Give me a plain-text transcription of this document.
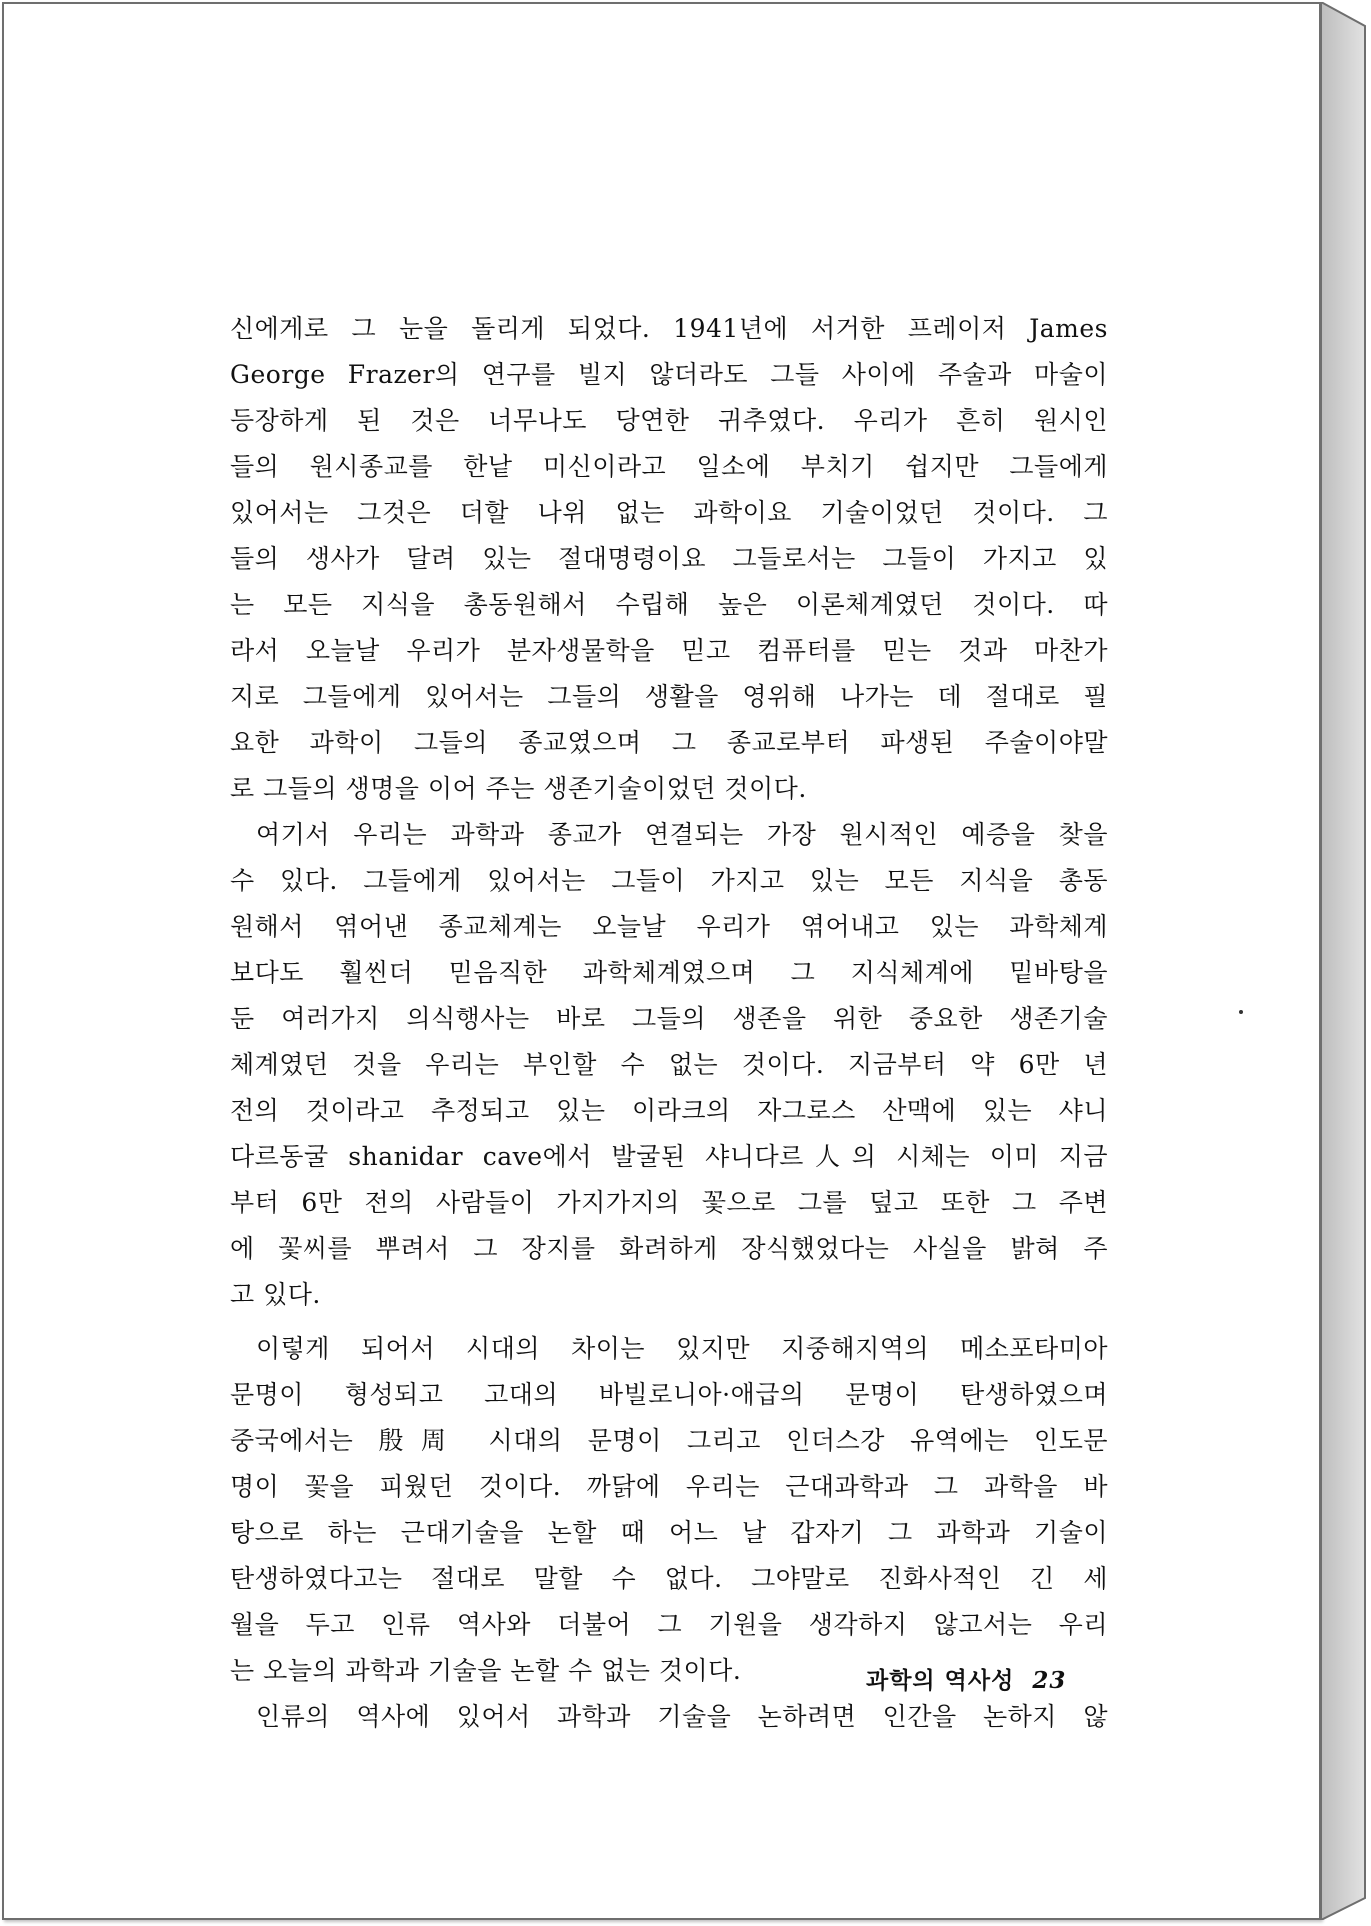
신에게로 그 눈을 돌리게 되었다. 1941년에 서거한 프레이저 James
George Frazer의 연구를 빌지 않더라도 그들 사이에 주술과 마술이
등장하게 된 것은 너무나도 당연한 귀추였다. 우리가 흔히 원시인
들의 원시종교를 한낱 미신이라고 일소에 부치기 쉽지만 그들에게
있어서는 그것은 더할 나위 없는 과학이요 기술이었던 것이다. 그
들의 생사가 달려 있는 절대명령이요 그들로서는 그들이 가지고 있
는 모든 지식을 총동원해서 수립해 높은 이론체계였던 것이다. 따
라서 오늘날 우리가 분자생물학을 믿고 컴퓨터를 믿는 것과 마찬가
지로 그들에게 있어서는 그들의 생활을 영위해 나가는 데 절대로 필
요한 과학이 그들의 종교였으며 그 종교로부터 파생된 주술이야말
로 그들의 생명을 이어 주는 생존기술이었던 것이다.
여기서 우리는 과학과 종교가 연결되는 가장 원시적인 예증을 찾을
수 있다. 그들에게 있어서는 그들이 가지고 있는 모든 지식을 총동
원해서 엮어낸 종교체계는 오늘날 우리가 엮어내고 있는 과학체계
보다도 훨씬더 믿음직한 과학체계였으며 그 지식체계에 밑바탕을
둔 여러가지 의식행사는 바로 그들의 생존을 위한 중요한 생존기술
체계였던 것을 우리는 부인할 수 없는 것이다. 지금부터 약 6만 년
전의 것이라고 추정되고 있는 이라크의 자그로스 산맥에 있는 샤니
다르동굴 shanidar cave에서 발굴된 샤니다르人의 시체는 이미 지금
부터 6만 전의 사람들이 가지가지의 꽃으로 그를 덮고 또한 그 주변
에 꽃씨를 뿌려서 그 장지를 화려하게 장식했었다는 사실을 밝혀 주
고 있다.
이렇게 되어서 시대의 차이는 있지만 지중해지역의 메소포타미아
문명이 형성되고 고대의 바빌로니아·애급의 문명이 탄생하였으며
중국에서는 殷周 시대의 문명이 그리고 인더스강 유역에는 인도문
명이 꽃을 피웠던 것이다. 까닭에 우리는 근대과학과 그 과학을 바
탕으로 하는 근대기술을 논할 때 어느 날 갑자기 그 과학과 기술이
탄생하였다고는 절대로 말할 수 없다. 그야말로 진화사적인 긴 세
월을 두고 인류 역사와 더불어 그 기원을 생각하지 않고서는 우리
는 오늘의 과학과 기술을 논할 수 없는 것이다.
인류의 역사에 있어서 과학과 기술을 논하려면 인간을 논하지 않
과학의 역사성 23
